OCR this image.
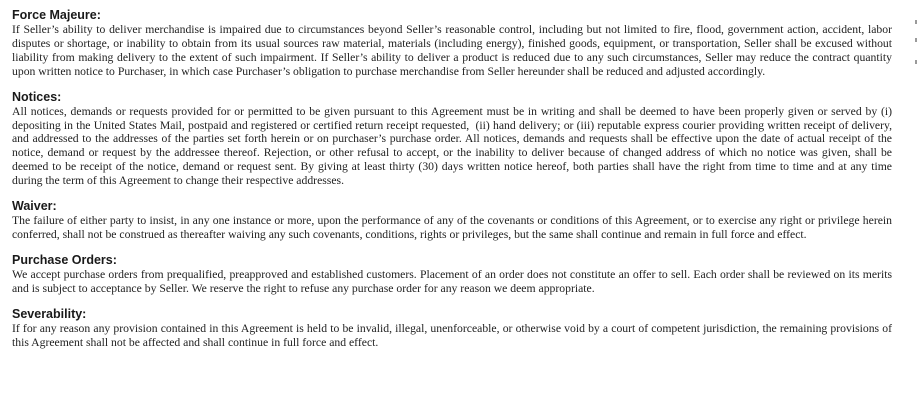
Force Majeure:

If Seller’s ability to deliver merchandise is impaired due to circumstances beyond Seller’s reasonable control, including but not limited to fire, flood, government action, accident, labor disputes or shortage, or inability to obtain from its usual sources raw material, materials (including energy), finished goods, equipment, or transportation, Seller shall be excused without liability from making delivery to the extent of such impairment. If Seller’s ability to deliver a product is reduced due to any such circumstances, Seller may reduce the contract quantity upon written notice to Purchaser, in which case Purchaser’s obligation to purchase merchandise from Seller hereunder shall be reduced and adjusted accordingly.

Notices:

All notices, demands or requests provided for or permitted to be given pursuant to this Agreement must be in writing and shall be deemed to have been properly given or served by (i) depositing in the United States Mail, postpaid and registered or certified return receipt requested,  (ii) hand delivery; or (iii) reputable express courier providing written receipt of delivery, and addressed to the addresses of the parties set forth herein or on purchaser’s purchase order. All notices, demands and requests shall be effective upon the date of actual receipt of the notice, demand or request by the addressee thereof. Rejection, or other refusal to accept, or the inability to deliver because of changed address of which no notice was given, shall be deemed to be receipt of the notice, demand or request sent. By giving at least thirty (30) days written notice hereof, both parties shall have the right from time to time and at any time during the term of this Agreement to change their respective addresses.

Waiver:

The failure of either party to insist, in any one instance or more, upon the performance of any of the covenants or conditions of this Agreement, or to exercise any right or privilege herein conferred, shall not be construed as thereafter waiving any such covenants, conditions, rights or privileges, but the same shall continue and remain in full force and effect.

Purchase Orders:

We accept purchase orders from prequalified, preapproved and established customers. Placement of an order does not constitute an offer to sell. Each order shall be reviewed on its merits and is subject to acceptance by Seller. We reserve the right to refuse any purchase order for any reason we deem appropriate.

Severability:

If for any reason any provision contained in this Agreement is held to be invalid, illegal, unenforceable, or otherwise void by a court of competent jurisdiction, the remaining provisions of this Agreement shall not be affected and shall continue in full force and effect.
